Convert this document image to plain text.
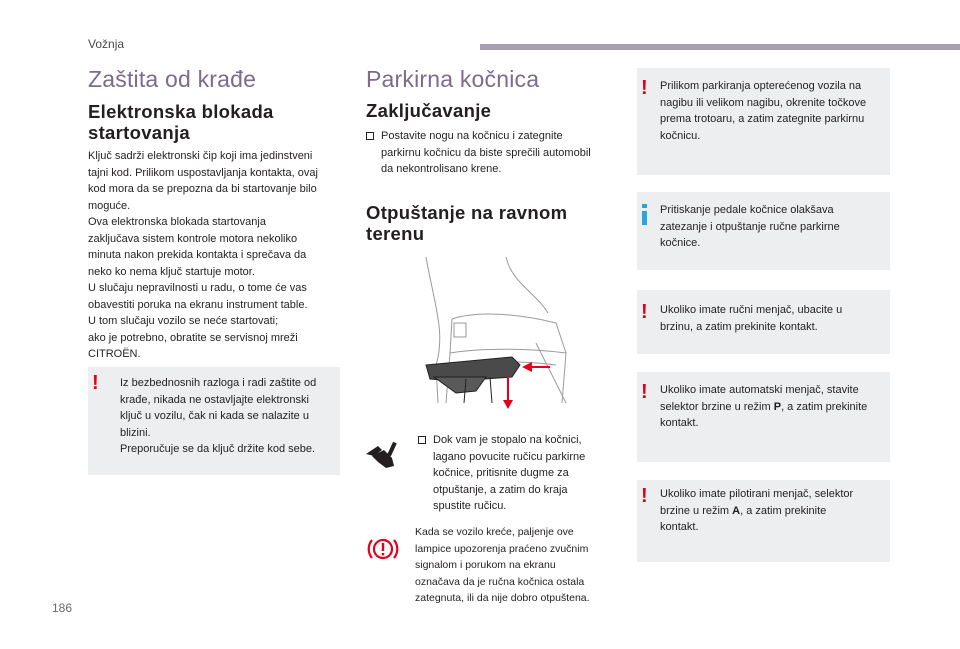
Vožnja
Zaštita od krađe
Elektronska blokada startovanja
Ključ sadrži elektronski čip koji ima jedinstveni
tajni kod. Prilikom uspostavljanja kontakta, ovaj
kod mora da se prepozna da bi startovanje bilo
moguće.
Ova elektronska blokada startovanja
zaključava sistem kontrole motora nekoliko
minuta nakon prekida kontakta i sprečava da
neko ko nema ključ startuje motor.
U slučaju nepravilnosti u radu, o tome će vas
obavestiti poruka na ekranu instrument table.
U tom slučaju vozilo se neće startovati;
ako je potrebno, obratite se servisnoj mreži
CITROËN.
! Iz bezbednosnih razloga i radi zaštite od
krađe, nikada ne ostavljajte elektronski
ključ u vozilu, čak ni kada se nalazite u
blizini.
Preporučuje se da ključ držite kod sebe.
Parkirna kočnica
Zaključavanje
Postavite nogu na kočnicu i zategnite
parkirnu kočnicu da biste sprečili automobil
da nekontrolisano krene.
Otpuštanje na ravnom
terenu
Dok vam je stopalo na kočnici,
lagano povucite ručicu parkirne
kočnice, pritisnite dugme za
otpuštanje, a zatim do kraja
spustite ručicu.
Kada se vozilo kreće, paljenje ove
lampice upozorenja praćeno zvučnim
signalom i porukom na ekranu
označava da je ručna kočnica ostala
zategnuta, ili da nije dobro otpuštena.
! Prilikom parkiranja opterećenog vozila na
nagibu ili velikom nagibu, okrenite točkove
prema trotoaru, a zatim zategnite parkirnu
kočnicu.
Pritiskanje pedale kočnice olakšava
zatezanje i otpuštanje ručne parkirne
kočnice.
! Ukoliko imate ručni menjač, ubacite u
brzinu, a zatim prekinite kontakt.
! Ukoliko imate automatski menjač, stavite
selektor brzine u režim P, a zatim prekinite
kontakt.
! Ukoliko imate pilotirani menjač, selektor
brzine u režim A, a zatim prekinite
kontakt.
186
